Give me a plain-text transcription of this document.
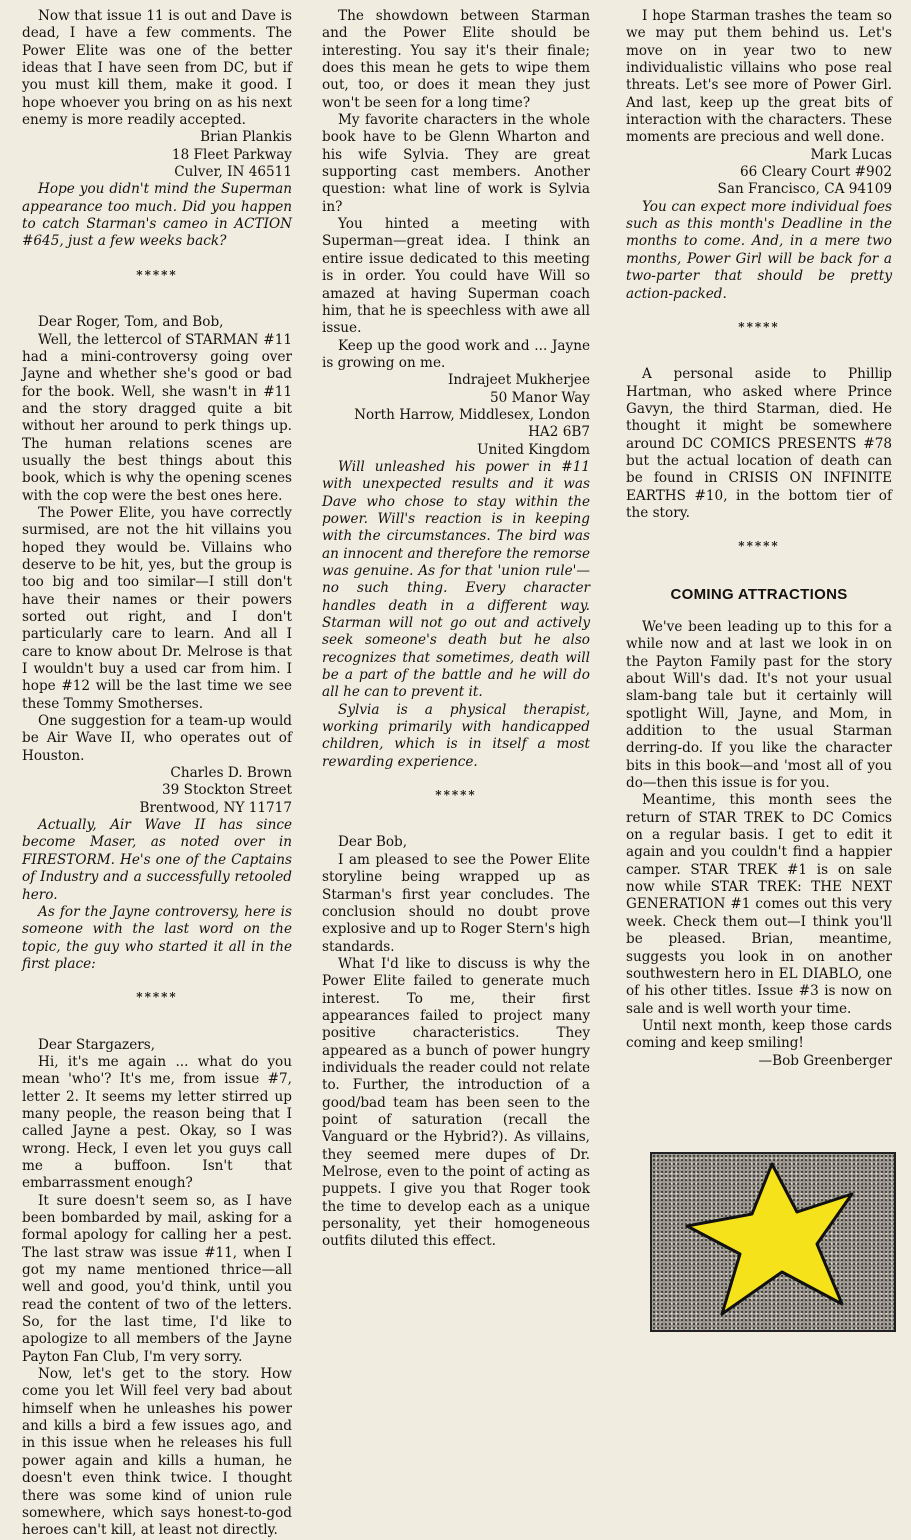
Now that issue 11 is out and Dave is dead, I have a few comments. The Power Elite was one of the better ideas that I have seen from DC, but if you must kill them, make it good. I hope whoever you bring on as his next enemy is more readily accepted.

Brian Plankis
18 Fleet Parkway
Culver, IN 46511

Hope you didn't mind the Superman appearance too much. Did you happen to catch Starman's cameo in ACTION #645, just a few weeks back?

*****

Dear Roger, Tom, and Bob,

Well, the lettercol of STARMAN #11 had a mini-controversy going over Jayne and whether she's good or bad for the book. Well, she wasn't in #11 and the story dragged quite a bit without her around to perk things up. The human relations scenes are usually the best things about this book, which is why the opening scenes with the cop were the best ones here.

The Power Elite, you have correctly surmised, are not the hit villains you hoped they would be. Villains who deserve to be hit, yes, but the group is too big and too similar—I still don't have their names or their powers sorted out right, and I don't particularly care to learn. And all I care to know about Dr. Melrose is that I wouldn't buy a used car from him. I hope #12 will be the last time we see these Tommy Smotherses.

One suggestion for a team-up would be Air Wave II, who operates out of Houston.

Charles D. Brown
39 Stockton Street
Brentwood, NY 11717

Actually, Air Wave II has since become Maser, as noted over in FIRESTORM. He's one of the Captains of Industry and a successfully retooled hero.

As for the Jayne controversy, here is someone with the last word on the topic, the guy who started it all in the first place:

*****

Dear Stargazers,

Hi, it's me again ... what do you mean 'who'? It's me, from issue #7, letter 2. It seems my letter stirred up many people, the reason being that I called Jayne a pest. Okay, so I was wrong. Heck, I even let you guys call me a buffoon. Isn't that embarrassment enough?

It sure doesn't seem so, as I have been bombarded by mail, asking for a formal apology for calling her a pest. The last straw was issue #11, when I got my name mentioned thrice—all well and good, you'd think, until you read the content of two of the letters. So, for the last time, I'd like to apologize to all members of the Jayne Payton Fan Club, I'm very sorry.

Now, let's get to the story. How come you let Will feel very bad about himself when he unleashes his power and kills a bird a few issues ago, and in this issue when he releases his full power again and kills a human, he doesn't even think twice. I thought there was some kind of union rule somewhere, which says honest-to-god heroes can't kill, at least not directly.

The showdown between Starman and the Power Elite should be interesting. You say it's their finale; does this mean he gets to wipe them out, too, or does it mean they just won't be seen for a long time?

My favorite characters in the whole book have to be Glenn Wharton and his wife Sylvia. They are great supporting cast members. Another question: what line of work is Sylvia in?

You hinted a meeting with Superman—great idea. I think an entire issue dedicated to this meeting is in order. You could have Will so amazed at having Superman coach him, that he is speechless with awe all issue.

Keep up the good work and ... Jayne is growing on me.

Indrajeet Mukherjee
50 Manor Way
North Harrow, Middlesex, London
HA2 6B7
United Kingdom

Will unleashed his power in #11 with unexpected results and it was Dave who chose to stay within the power. Will's reaction is in keeping with the circumstances. The bird was an innocent and therefore the remorse was genuine. As for that 'union rule'—no such thing. Every character handles death in a different way. Starman will not go out and actively seek someone's death but he also recognizes that sometimes, death will be a part of the battle and he will do all he can to prevent it.

Sylvia is a physical therapist, working primarily with handicapped children, which is in itself a most rewarding experience.

*****

Dear Bob,

I am pleased to see the Power Elite storyline being wrapped up as Starman's first year concludes. The conclusion should no doubt prove explosive and up to Roger Stern's high standards.

What I'd like to discuss is why the Power Elite failed to generate much interest. To me, their first appearances failed to project many positive characteristics. They appeared as a bunch of power hungry individuals the reader could not relate to. Further, the introduction of a good/bad team has been seen to the point of saturation (recall the Vanguard or the Hybrid?). As villains, they seemed mere dupes of Dr. Melrose, even to the point of acting as puppets. I give you that Roger took the time to develop each as a unique personality, yet their homogeneous outfits diluted this effect.

I hope Starman trashes the team so we may put them behind us. Let's move on in year two to new individualistic villains who pose real threats. Let's see more of Power Girl. And last, keep up the great bits of interaction with the characters. These moments are precious and well done.

Mark Lucas
66 Cleary Court #902
San Francisco, CA 94109

You can expect more individual foes such as this month's Deadline in the months to come. And, in a mere two months, Power Girl will be back for a two-parter that should be pretty action-packed.

*****

A personal aside to Phillip Hartman, who asked where Prince Gavyn, the third Starman, died. He thought it might be somewhere around DC COMICS PRESENTS #78 but the actual location of death can be found in CRISIS ON INFINITE EARTHS #10, in the bottom tier of the story.

*****
COMING ATTRACTIONS

We've been leading up to this for a while now and at last we look in on the Payton Family past for the story about Will's dad. It's not your usual slam-bang tale but it certainly will spotlight Will, Jayne, and Mom, in addition to the usual Starman derring-do. If you like the character bits in this book—and 'most all of you do—then this issue is for you.

Meantime, this month sees the return of STAR TREK to DC Comics on a regular basis. I get to edit it again and you couldn't find a happier camper. STAR TREK #1 is on sale now while STAR TREK: THE NEXT GENERATION #1 comes out this very week. Check them out—I think you'll be pleased. Brian, meantime, suggests you look in on another southwestern hero in EL DIABLO, one of his other titles. Issue #3 is now on sale and is well worth your time.

Until next month, keep those cards coming and keep smiling!

—Bob Greenberger
